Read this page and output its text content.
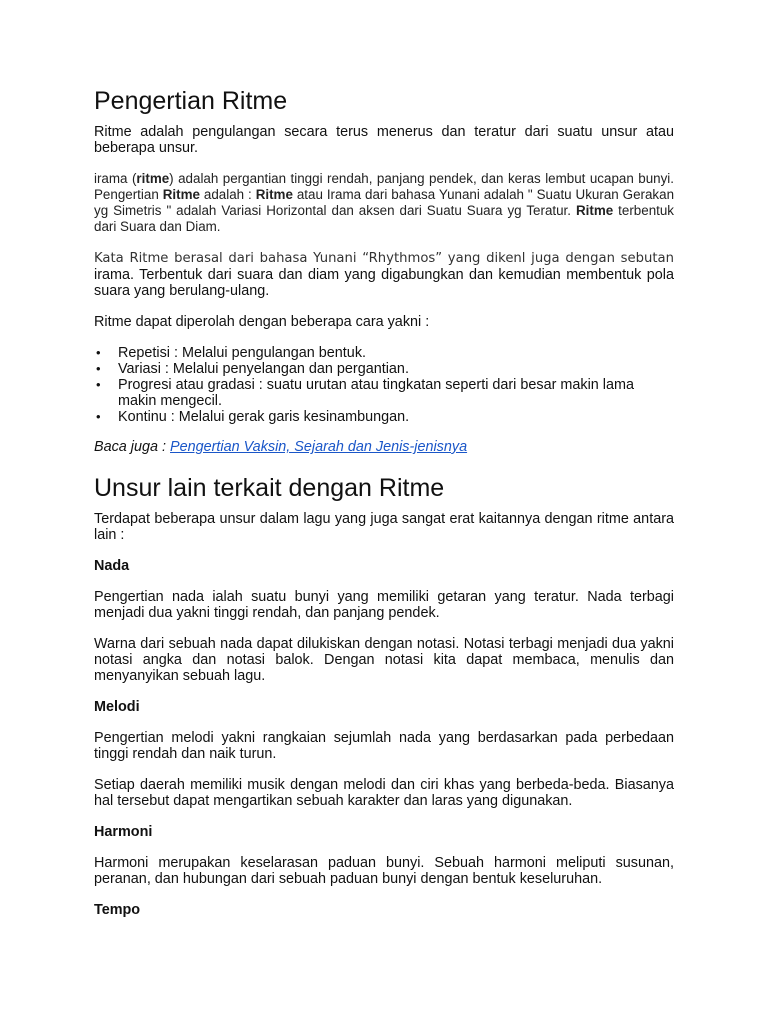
Pengertian Ritme

Ritme adalah pengulangan secara terus menerus dan teratur dari suatu unsur atau beberapa unsur.

irama (ritme) adalah pergantian tinggi rendah, panjang pendek, dan keras lembut ucapan bunyi. Pengertian Ritme adalah : Ritme atau Irama dari bahasa Yunani adalah " Suatu Ukuran Gerakan yg Simetris " adalah Variasi Horizontal dan aksen dari Suatu Suara yg Teratur. Ritme terbentuk dari Suara dan Diam.

Kata Ritme berasal dari bahasa Yunani “Rhythmos” yang dikenl juga dengan sebutan irama. Terbentuk dari suara dan diam yang digabungkan dan kemudian membentuk pola suara yang berulang-ulang.

Ritme dapat diperolah dengan beberapa cara yakni :

• Repetisi : Melalui pengulangan bentuk.
• Variasi : Melalui penyelangan dan pergantian.
• Progresi atau gradasi : suatu urutan atau tingkatan seperti dari besar makin lama makin mengecil.
• Kontinu : Melalui gerak garis kesinambungan.

Baca juga : Pengertian Vaksin, Sejarah dan Jenis-jenisnya

Unsur lain terkait dengan Ritme

Terdapat beberapa unsur dalam lagu yang juga sangat erat kaitannya dengan ritme antara lain :

Nada

Pengertian nada ialah suatu bunyi yang memiliki getaran yang teratur. Nada terbagi menjadi dua yakni tinggi rendah, dan panjang pendek.

Warna dari sebuah nada dapat dilukiskan dengan notasi. Notasi terbagi menjadi dua yakni notasi angka dan notasi balok. Dengan notasi kita dapat membaca, menulis dan menyanyikan sebuah lagu.

Melodi

Pengertian melodi yakni rangkaian sejumlah nada yang berdasarkan pada perbedaan tinggi rendah dan naik turun.

Setiap daerah memiliki musik dengan melodi dan ciri khas yang berbeda-beda. Biasanya hal tersebut dapat mengartikan sebuah karakter dan laras yang digunakan.

Harmoni

Harmoni merupakan keselarasan paduan bunyi. Sebuah harmoni meliputi susunan, peranan, dan hubungan dari sebuah paduan bunyi dengan bentuk keseluruhan.

Tempo
